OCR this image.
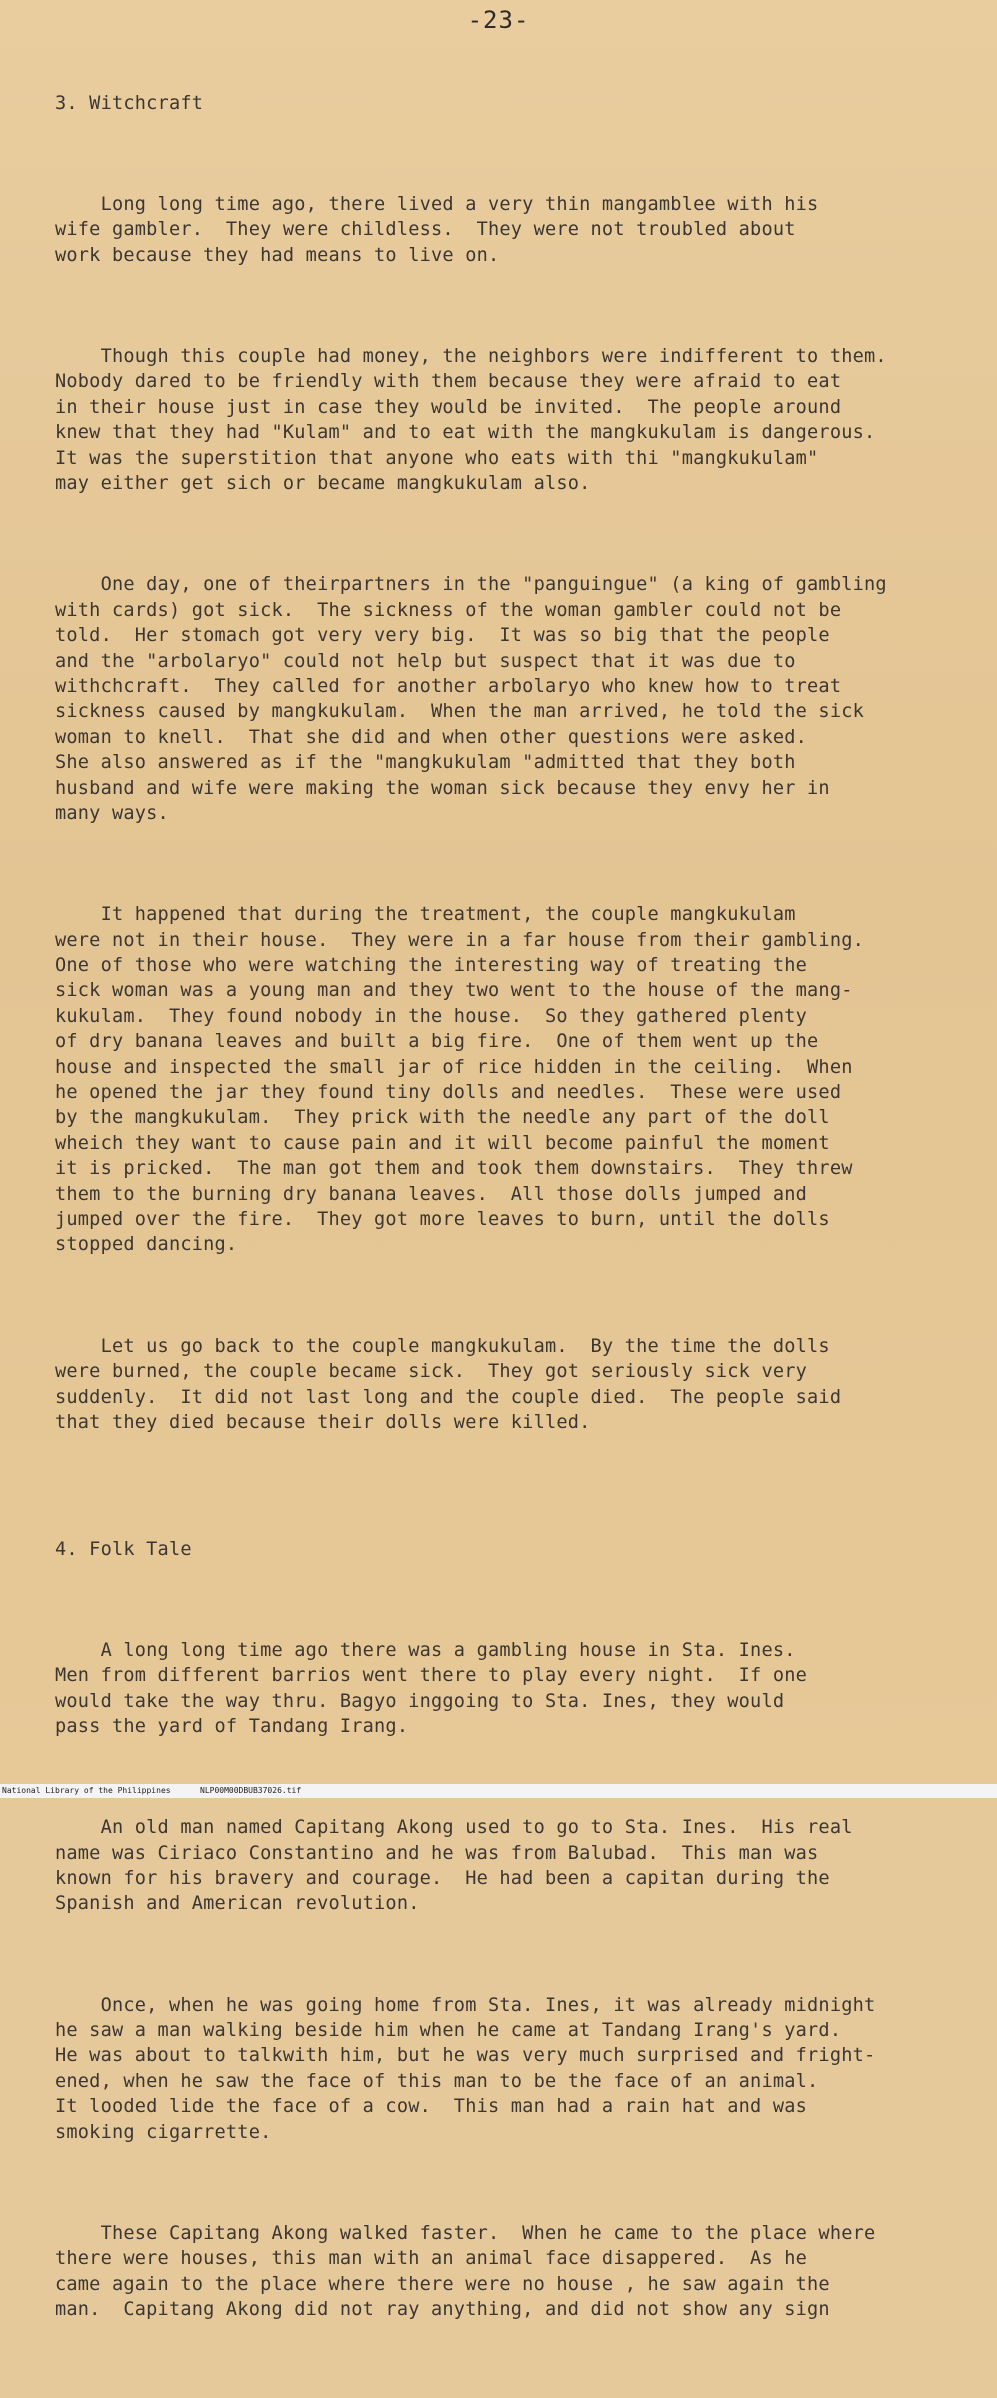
-23-

3. Witchcraft

Long long time ago, there lived a very thin mangamblee with his
wife gambler.  They were childless.  They were not troubled about
work because they had means to live on.

Though this couple had money, the neighbors were indifferent to them.
Nobody dared to be friendly with them because they were afraid to eat
in their house just in case they would be invited.  The people around
knew that they had "Kulam" and to eat with the mangkukulam is dangerous.
It was the superstition that anyone who eats with thi "mangkukulam"
may either get sich or became mangkukulam also.

One day, one of theirpartners in the "panguingue" (a king of gambling
with cards) got sick.  The sickness of the woman gambler could not be
told.  Her stomach got very very big.  It was so big that the people
and the "arbolaryo" could not help but suspect that it was due to
withchcraft.  They called for another arbolaryo who knew how to treat
sickness caused by mangkukulam.  When the man arrived, he told the sick
woman to knell.  That she did and when other questions were asked.
She also answered as if the "mangkukulam "admitted that they both
husband and wife were making the woman sick because they envy her in
many ways.

It happened that during the treatment, the couple mangkukulam
were not in their house.  They were in a far house from their gambling.
One of those who were watching the interesting way of treating the
sick woman was a young man and they two went to the house of the mang-
kukulam.  They found nobody in the house.  So they gathered plenty
of dry banana leaves and built a big fire.  One of them went up the
house and inspected the small jar of rice hidden in the ceiling.  When
he opened the jar they found tiny dolls and needles.  These were used
by the mangkukulam.  They prick with the needle any part of the doll
wheich they want to cause pain and it will become painful the moment
it is pricked.  The man got them and took them downstairs.  They threw
them to the burning dry banana leaves.  All those dolls jumped and
jumped over the fire.  They got more leaves to burn, until the dolls
stopped dancing.

Let us go back to the couple mangkukulam.  By the time the dolls
were burned, the couple became sick.  They got seriously sick very
suddenly.  It did not last long and the couple died.  The people said
that they died because their dolls were killed.

4. Folk Tale

A long long time ago there was a gambling house in Sta. Ines.
Men from different barrios went there to play every night.  If one
would take the way thru. Bagyo inggoing to Sta. Ines, they would
pass the yard of Tandang Irang.

An old man named Capitang Akong used to go to Sta. Ines.  His real
name was Ciriaco Constantino and he was from Balubad.  This man was
known for his bravery and courage.  He had been a capitan during the
Spanish and American revolution.

Once, when he was going home from Sta. Ines, it was already midnight
he saw a man walking beside him when he came at Tandang Irang's yard.
He was about to talkwith him, but he was very much surprised and fright-
ened, when he saw the face of this man to be the face of an animal.
It looded lide the face of a cow.  This man had a rain hat and was
smoking cigarrette.

These Capitang Akong walked faster.  When he came to the place where
there were houses, this man with an animal face disappered.  As he
came again to the place where there were no house , he saw again the
man.  Capitang Akong did not ray anything, and did not show any sign

National Library of the Philippines	NLP00M00DBUB37026.tif
